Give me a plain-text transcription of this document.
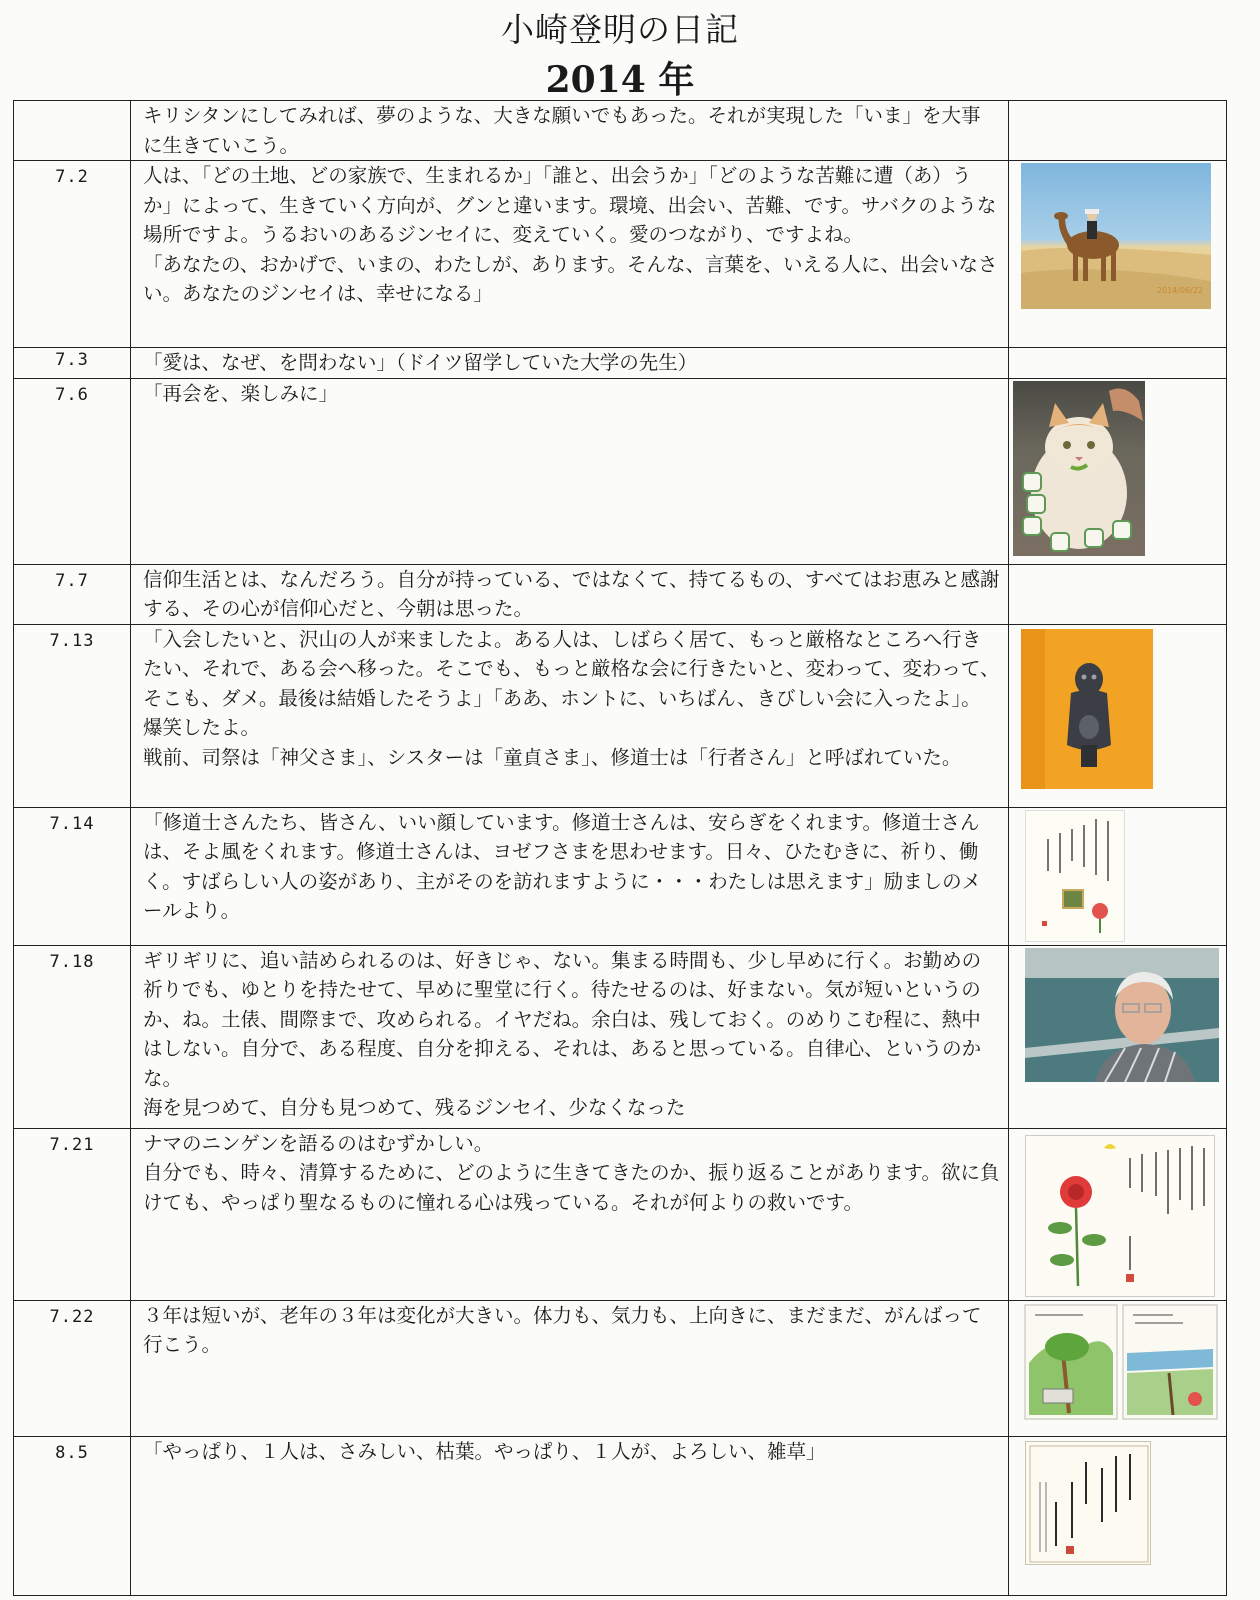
小崎登明の日記
2014 年

	キリシタンにしてみれば、夢のような、大きな願いでもあった。それが実現した「いま」を大事に生きていこう。	

7.2	人は、「どの土地、どの家族で、生まれるか」「誰と、出会うか」「どのような苦難に遭（あ）うか」によって、生きていく方向が、グンと違います。環境、出会い、苦難、です。サバクのような場所ですよ。うるおいのあるジンセイに、変えていく。愛のつながり、ですよね。

「あなたの、おかげで、いまの、わたしが、あります。そんな、言葉を、いえる人に、出会いなさい。あなたのジンセイは、幸せになる」	2014/06/22

7.3	「愛は、なぜ、を問わない」（ドイツ留学していた大学の先生）	

7.6	「再会を、楽しみに」

7.7	信仰生活とは、なんだろう。自分が持っている、ではなくて、持てるもの、すべてはお恵みと感謝する、その心が信仰心だと、今朝は思った。	

7.13	「入会したいと、沢山の人が来ましたよ。ある人は、しばらく居て、もっと厳格なところへ行きたい、それで、ある会へ移った。そこでも、もっと厳格な会に行きたいと、変わって、変わって、そこも、ダメ。最後は結婚したそうよ」「ああ、ホントに、いちばん、きびしい会に入ったよ」。爆笑したよ。

戦前、司祭は「神父さま」、シスターは「童貞さま」、修道士は「行者さん」と呼ばれていた。

7.14	「修道士さんたち、皆さん、いい顔しています。修道士さんは、安らぎをくれます。修道士さんは、そよ風をくれます。修道士さんは、ヨゼフさまを思わせます。日々、ひたむきに、祈り、働く。すばらしい人の姿があり、主がそのを訪れますように・・・わたしは思えます」励ましのメールより。

7.18	ギリギリに、追い詰められるのは、好きじゃ、ない。集まる時間も、少し早めに行く。お勤めの祈りでも、ゆとりを持たせて、早めに聖堂に行く。待たせるのは、好まない。気が短いというのか、ね。土俵、間際まで、攻められる。イヤだね。余白は、残しておく。のめりこむ程に、熱中はしない。自分で、ある程度、自分を抑える、それは、あると思っている。自律心、というのかな。

海を見つめて、自分も見つめて、残るジンセイ、少なくなった

7.21	ナマのニンゲンを語るのはむずかしい。

自分でも、時々、清算するために、どのように生きてきたのか、振り返ることがあります。欲に負けても、やっぱり聖なるものに憧れる心は残っている。それが何よりの救いです。

7.22	３年は短いが、老年の３年は変化が大きい。体力も、気力も、上向きに、まだまだ、がんばって行こう。

8.5	「やっぱり、１人は、さみしい、枯葉。やっぱり、１人が、よろしい、雑草」
